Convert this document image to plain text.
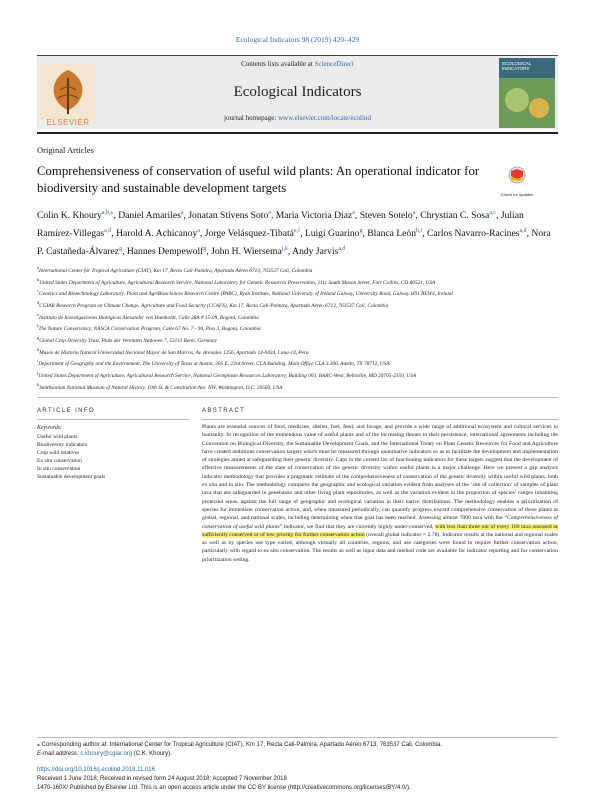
Ecological Indicators 98 (2019) 420–429
ELSEVIER
Contents lists available at ScienceDirect
Ecological Indicators
journal homepage: www.elsevier.com/locate/ecolind
ECOLOGICAL INDICATORS
Original Articles
Comprehensiveness of conservation of useful wild plants: An operational indicator for biodiversity and sustainable development targets	Check for updates
Colin K. Khoury$^{a,b,⁎}$, Daniel Amariles$^a$, Jonatan Stivens Soto$^a$, Maria Victoria Diaz$^a$, Steven Sotelo$^a$, Chrystian C. Sosa$^{a,c}$, Julian Ramírez-Villegas$^{a,d}$, Harold A. Achicanoy$^a$, Jorge Velásquez-Tibatá$^{e,f}$, Luigi Guarino$^g$, Blanca León$^{h,i}$, Carlos Navarro-Racines$^{a,d}$, Nora P. Castañeda-Álvarez$^g$, Hannes Dempewolf$^g$, John H. Wiersema$^{j,k}$, Andy Jarvis$^{a,d}$

$^a$International Center for Tropical Agriculture (CIAT), Km 17, Recta Cali-Palmira, Apartado Aéreo 6713, 763537 Cali, Colombia

$^b$United States Department of Agriculture, Agricultural Research Service, National Laboratory for Genetic Resources Preservation, 1111 South Mason Street, Fort Collins, CO 80521, USA

$^c$Genetics and Biotechnology Laboratory, Plant and AgriBiosciences Research Centre (PABC), Ryan Institute, National University of Ireland Galway, University Road, Galway H91 REW4, Ireland

$^d$CGIAR Research Program on Climate Change, Agriculture and Food Security (CCAFS), Km 17, Recta Cali-Palmira, Apartado Aéreo 6713, 763537 Cali, Colombia

$^e$Instituto de Investigaciones Biológicas Alexander von Humboldt, Calle 28A # 15-09, Bogotá, Colombia

$^f$The Nature Conservancy, NASCA Conservation Program, Calle 67 No. 7 - 94, Piso 3, Bogotá, Colombia

$^g$Global Crop Diversity Trust, Platz der Vereinten Nationen 7, 53113 Bonn, Germany

$^h$Museo de Historia Natural Universidad Nacional Mayor de San Marcos, Av. Arenales 1256, Apartado 14-0434, Lima-14, Peru

$^i$Department of Geography and the Environment, The University of Texas at Austin, 305 E. 23rd Street, CLA Building, Main Office CLA 3.306, Austin, TX 78712, USA

$^j$United States Department of Agriculture, Agricultural Research Service, National Germplasm Resources Laboratory, Building 003, BARC-West, Beltsville, MD 20705-2350, USA

$^k$Smithsonian National Museum of Natural History, 10th St. & Constitution Ave. NW, Washington, D.C. 20560, USA

ARTICLE INFO	ABSTRACT
Keywords:
Useful wild plants
Biodiversity indicators
Crop wild relatives
Ex situ conservation
In situ conservation
Sustainable development goals
Plants are essential sources of food, medicine, shelter, fuel, feed, and forage, and provide a wide range of additional ecosystem and cultural services to humanity. In recognition of the tremendous value of useful plants and of the increasing threats to their persistence, international agreements including the Convention on Biological Diversity, the Sustainable Development Goals, and the International Treaty on Plant Genetic Resources for Food and Agriculture have created ambitious conservation targets which must be measured through quantitative indicators so as to facilitate the development and implementation of strategies aimed at safeguarding their genetic diversity. Gaps in the current list of functioning indicators for these targets suggest that the development of effective measurements of the state of conservation of the genetic diversity within useful plants is a major challenge. Here we present a gap analysis indicator methodology that provides a pragmatic estimate of the comprehensiveness of conservation of the genetic diversity within useful wild plants, both ex situ and in situ. The methodology compares the geographic and ecological variation evident from analyses of the ‘site of collection’ of samples of plant taxa that are safeguarded in genebanks and other living plant repositories, as well as the variation evident in the proportion of species’ ranges inhabiting protected areas, against the full range of geographic and ecological variation in their native distributions. The methodology enables a prioritization of species for immediate conservation action, and, when measured periodically, can quantify progress toward comprehensive conservation of these plants at global, regional, and national scales, including determining when that goal has been reached. Assessing almost 7000 taxa with the “Comprehensiveness of conservation of useful wild plants” indicator, we find that they are currently highly under-conserved, with less than three out of every 100 taxa assessed as sufficiently conserved or of low priority for further conservation action (overall global indicator = 2.78). Indicator results at the national and regional scales as well as by species use type varied, although virtually all countries, regions, and use categories were found to require further conservation action, particularly with regard to ex situ conservation. The results as well as input data and method code are available for indicator reporting and for conservation prioritization setting.
⁎ Corresponding author at: International Center for Tropical Agriculture (CIAT), Km 17, Recta Cali-Palmira, Apartado Aéreo 6713, 763537 Cali, Colombia.
E-mail address: c.khoury@cgiar.org (C.K. Khoury).
https://doi.org/10.1016/j.ecolind.2018.11.016
Received 1 June 2018; Received in revised form 24 August 2018; Accepted 7 November 2018
1470-160X/ Published by Elsevier Ltd. This is an open access article under the CC BY license (http://creativecommons.org/licenses/BY/4.0/).
